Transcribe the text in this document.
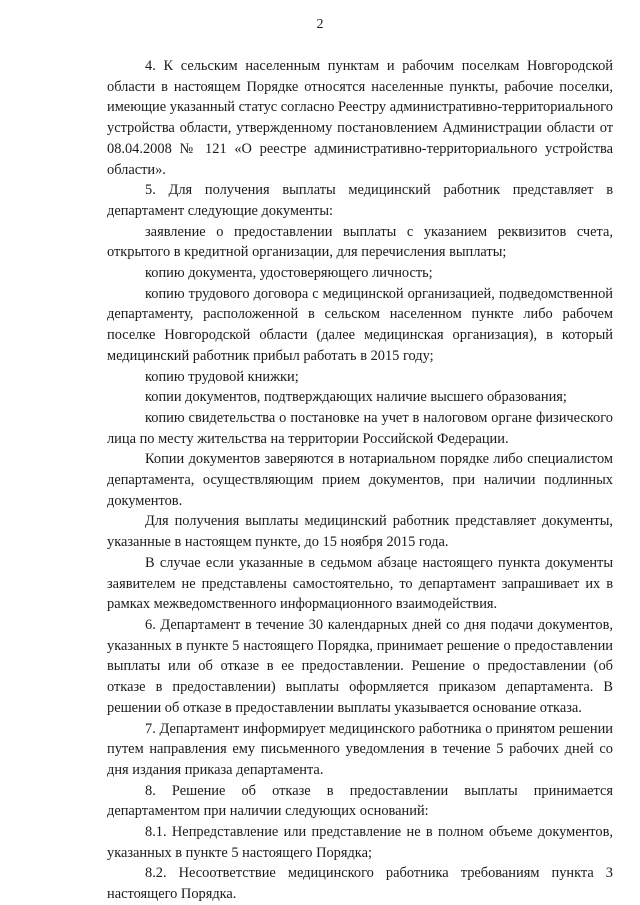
2

4. К сельским населенным пунктам и рабочим поселкам Новгородской области в настоящем Порядке относятся населенные пункты, рабочие поселки, имеющие указанный статус согласно Реестру административно-территориального устройства области, утвержденному постановлением Администрации области от 08.04.2008 № 121 «О реестре административно-территориального устройства области».

5. Для получения выплаты медицинский работник представляет в департамент следующие документы:

заявление о предоставлении выплаты с указанием реквизитов счета, открытого в кредитной организации, для перечисления выплаты;

копию документа, удостоверяющего личность;

копию трудового договора с медицинской организацией, подведомственной департаменту, расположенной в сельском населенном пункте либо рабочем поселке Новгородской области (далее медицинская организация), в который медицинский работник прибыл работать в 2015 году;

копию трудовой книжки;

копии документов, подтверждающих наличие высшего образования;

копию свидетельства о постановке на учет в налоговом органе физического лица по месту жительства на территории Российской Федерации.

Копии документов заверяются в нотариальном порядке либо специалистом департамента, осуществляющим прием документов, при наличии подлинных документов.

Для получения выплаты медицинский работник представляет документы, указанные в настоящем пункте, до 15 ноября 2015 года.

В случае если указанные в седьмом абзаце настоящего пункта документы заявителем не представлены самостоятельно, то департамент запрашивает их в рамках межведомственного информационного взаимодействия.

6. Департамент в течение 30 календарных дней со дня подачи документов, указанных в пункте 5 настоящего Порядка, принимает решение о предоставлении выплаты или об отказе в ее предоставлении. Решение о предоставлении (об отказе в предоставлении) выплаты оформляется приказом департамента. В решении об отказе в предоставлении выплаты указывается основание отказа.

7. Департамент информирует медицинского работника о принятом решении путем направления ему письменного уведомления в течение 5 рабочих дней со дня издания приказа департамента.

8. Решение об отказе в предоставлении выплаты принимается департаментом при наличии следующих оснований:

8.1. Непредставление или представление не в полном объеме документов, указанных в пункте 5 настоящего Порядка;

8.2. Несоответствие медицинского работника требованиям пункта 3 настоящего Порядка.
